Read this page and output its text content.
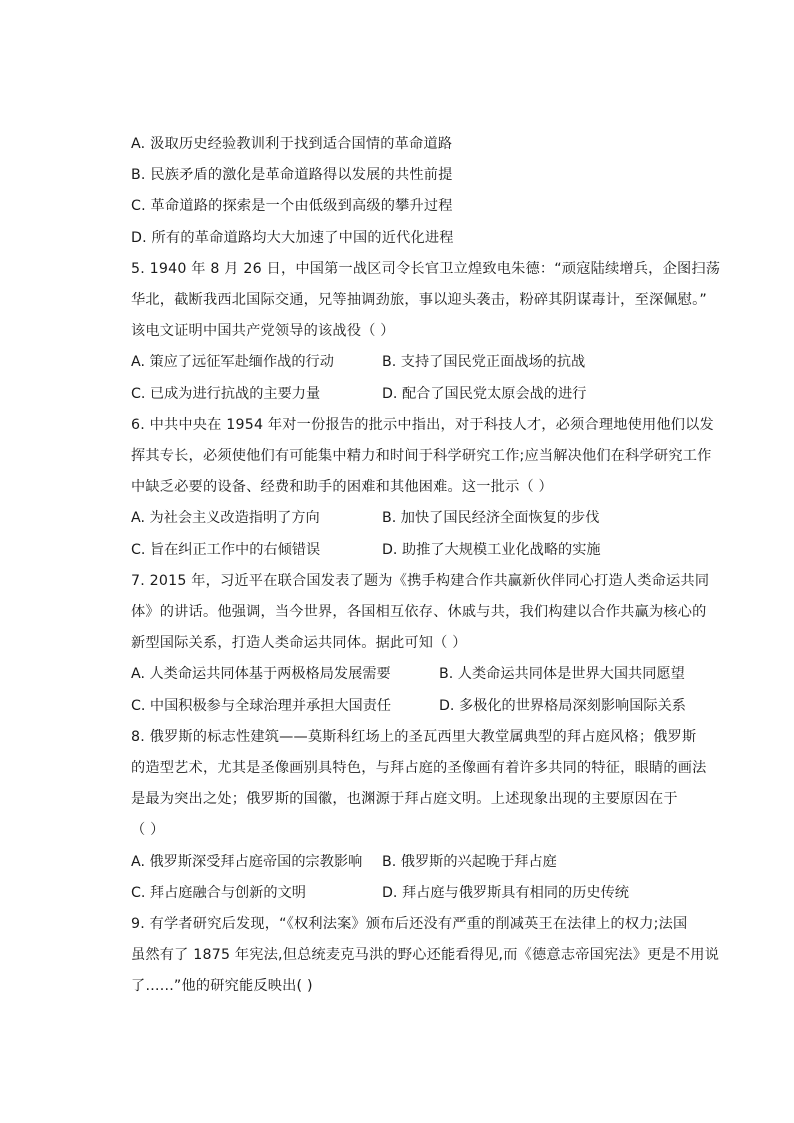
A. 汲取历史经验教训利于找到适合国情的革命道路
B. 民族矛盾的激化是革命道路得以发展的共性前提
C. 革命道路的探索是一个由低级到高级的攀升过程
D. 所有的革命道路均大大加速了中国的近代化进程
5. 1940 年 8 月 26 日，中国第一战区司令长官卫立煌致电朱德：“顽寇陆续增兵，企图扫荡
华北，截断我西北国际交通，兄等抽调劲旅，事以迎头袭击，粉碎其阴谋毒计，至深佩慰。”
该电文证明中国共产党领导的该战役（ ）
A. 策应了远征军赴缅作战的行动	B. 支持了国民党正面战场的抗战
C. 已成为进行抗战的主要力量	D. 配合了国民党太原会战的进行
6. 中共中央在 1954 年对一份报告的批示中指出，对于科技人才，必须合理地使用他们以发
挥其专长，必须使他们有可能集中精力和时间于科学研究工作;应当解决他们在科学研究工作
中缺乏必要的设备、经费和助手的困难和其他困难。这一批示（ ）
A. 为社会主义改造指明了方向	B. 加快了国民经济全面恢复的步伐
C. 旨在纠正工作中的右倾错误	D. 助推了大规模工业化战略的实施
7. 2015 年，习近平在联合国发表了题为《携手构建合作共赢新伙伴同心打造人类命运共同
体》的讲话。他强调，当今世界，各国相互依存、休戚与共，我们构建以合作共赢为核心的
新型国际关系，打造人类命运共同体。据此可知（ ）
A. 人类命运共同体基于两极格局发展需要	B. 人类命运共同体是世界大国共同愿望
C. 中国积极参与全球治理并承担大国责任	D. 多极化的世界格局深刻影响国际关系
8. 俄罗斯的标志性建筑——莫斯科红场上的圣瓦西里大教堂属典型的拜占庭风格；俄罗斯
的造型艺术，尤其是圣像画别具特色，与拜占庭的圣像画有着许多共同的特征，眼睛的画法
是最为突出之处；俄罗斯的国徽，也渊源于拜占庭文明。上述现象出现的主要原因在于
（ ）
A. 俄罗斯深受拜占庭帝国的宗教影响 B. 俄罗斯的兴起晚于拜占庭
C. 拜占庭融合与创新的文明	D. 拜占庭与俄罗斯具有相同的历史传统
9. 有学者研究后发现，“《权利法案》颁布后还没有严重的削减英王在法律上的权力;法国
虽然有了 1875 年宪法,但总统麦克马洪的野心还能看得见,而《德意志帝国宪法》更是不用说
了…...”他的研究能反映出( )
